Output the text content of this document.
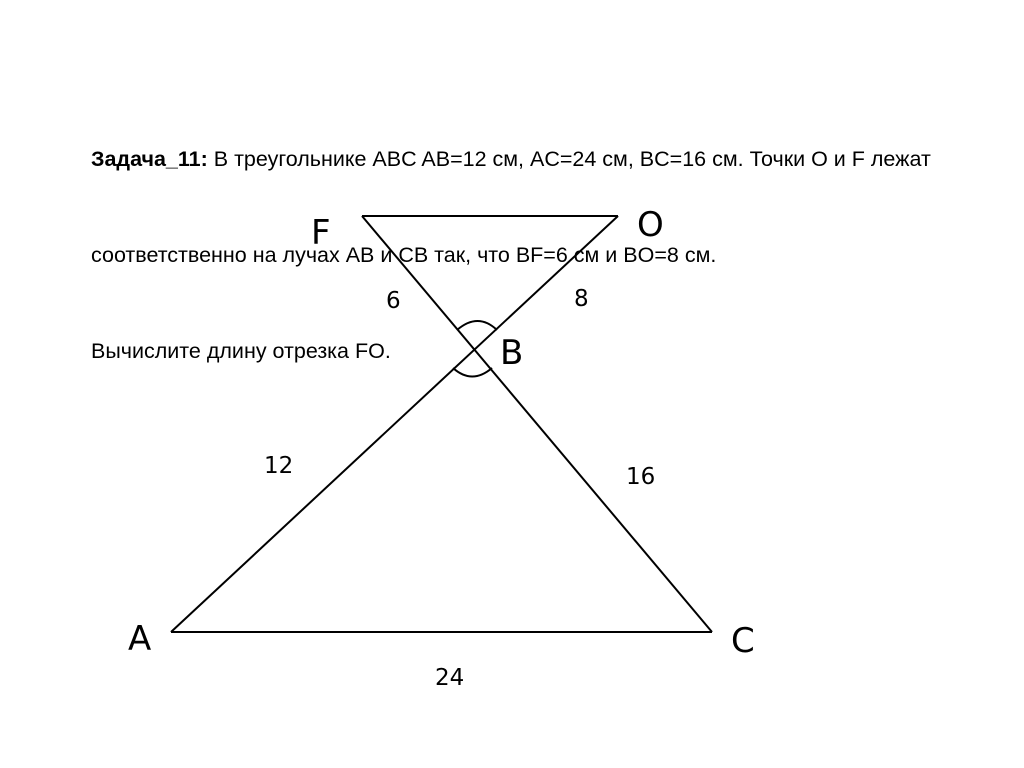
Задача_11: В треугольнике ABC AB=12 см, AC=24 см, BC=16 см. Точки O и F лежат

соответственно на лучах AB и CB так, что BF=6 см и BO=8 см.

Вычислите длину отрезка FO.

F	O
B
A	C
6	8
12	16
24
